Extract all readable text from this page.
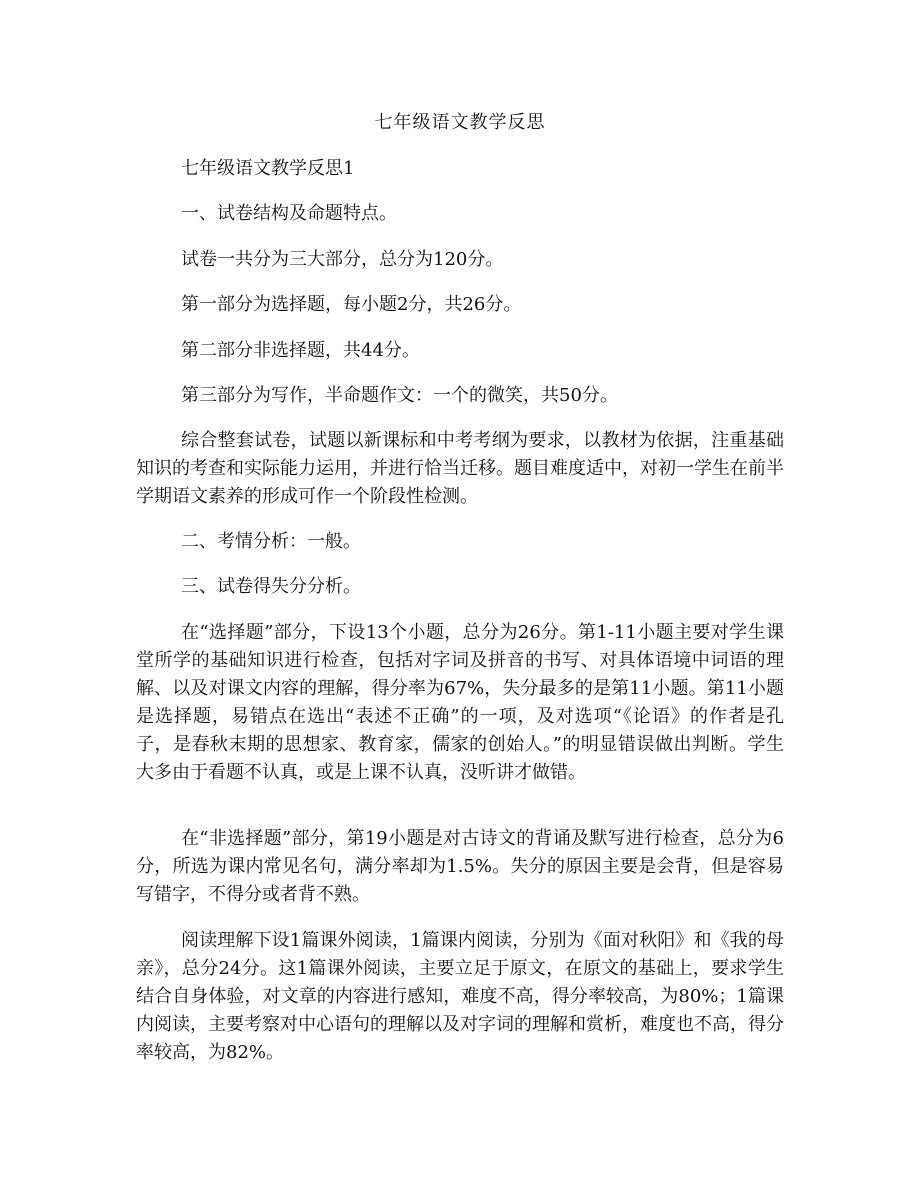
七年级语文教学反思
七年级语文教学反思1
一、试卷结构及命题特点。
试卷一共分为三大部分，总分为120分。
第一部分为选择题，每小题2分，共26分。
第二部分非选择题，共44分。
第三部分为写作，半命题作文：一个的微笑，共50分。
综合整套试卷，试题以新课标和中考考纲为要求，以教材为依据，注重基础知识的考查和实际能力运用，并进行恰当迁移。题目难度适中，对初一学生在前半学期语文素养的形成可作一个阶段性检测。
二、考情分析：一般。
三、试卷得失分分析。
在“选择题”部分，下设13个小题，总分为26分。第1-11小题主要对学生课堂所学的基础知识进行检查，包括对字词及拼音的书写、对具体语境中词语的理解、以及对课文内容的理解，得分率为67%，失分最多的是第11小题。第11小题是选择题，易错点在选出“表述不正确”的一项，及对选项“《论语》的作者是孔子，是春秋末期的思想家、教育家，儒家的创始人。”的明显错误做出判断。学生大多由于看题不认真，或是上课不认真，没听讲才做错。
在“非选择题”部分，第19小题是对古诗文的背诵及默写进行检查，总分为6分，所选为课内常见名句，满分率却为1.5%。失分的原因主要是会背，但是容易写错字，不得分或者背不熟。
阅读理解下设1篇课外阅读，1篇课内阅读，分别为《面对秋阳》和《我的母亲》，总分24分。这1篇课外阅读，主要立足于原文，在原文的基础上，要求学生结合自身体验，对文章的内容进行感知，难度不高，得分率较高，为80%；1篇课内阅读，主要考察对中心语句的理解以及对字词的理解和赏析，难度也不高，得分率较高，为82%。
